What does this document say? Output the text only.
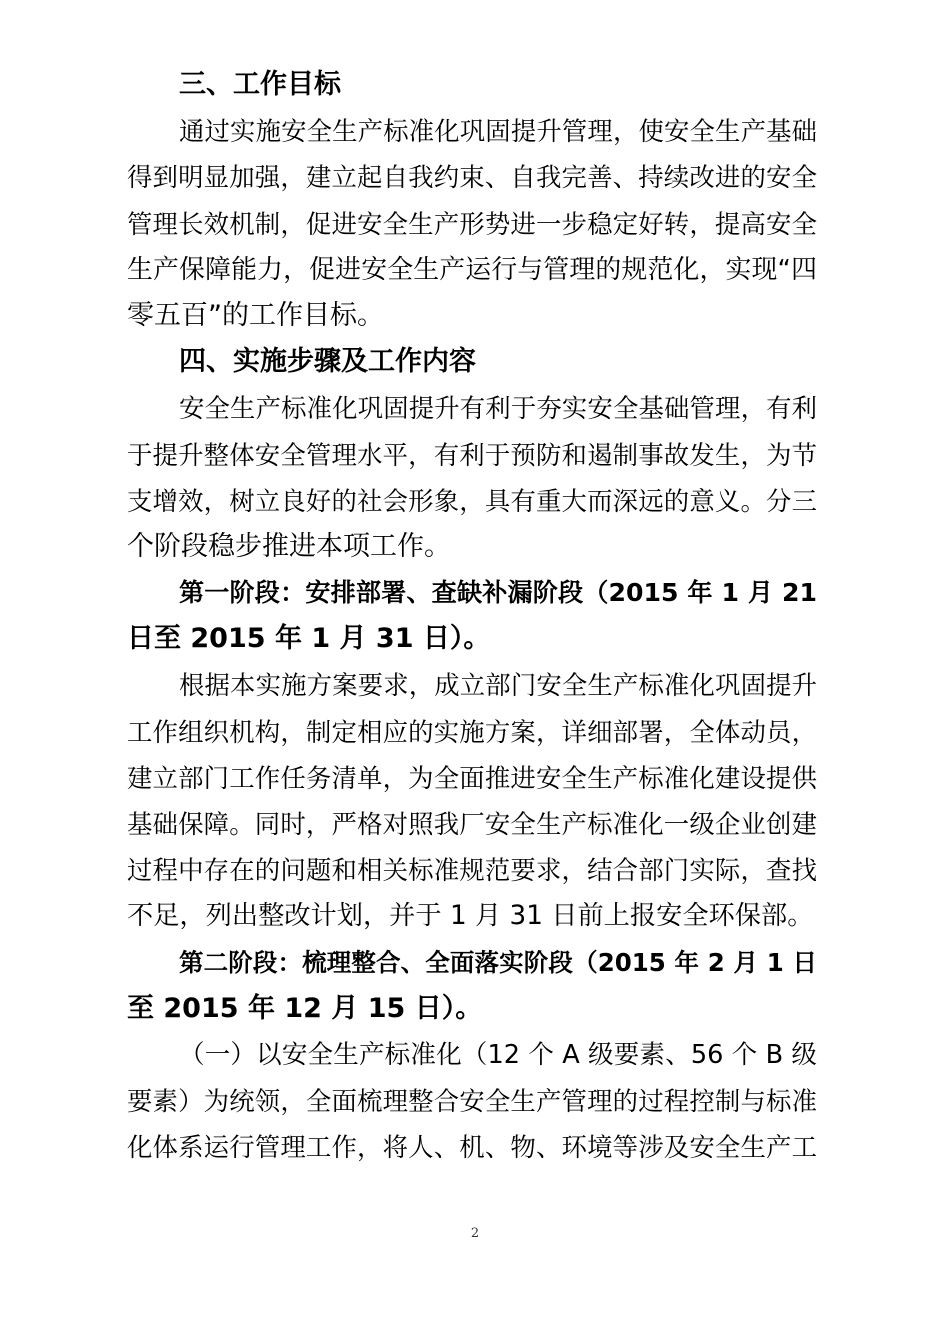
三、工作目标
通过实施安全生产标准化巩固提升管理，使安全生产基础
得到明显加强，建立起自我约束、自我完善、持续改进的安全
管理长效机制，促进安全生产形势进一步稳定好转，提高安全
生产保障能力，促进安全生产运行与管理的规范化，实现“四
零五百”的工作目标。
四、实施步骤及工作内容
安全生产标准化巩固提升有利于夯实安全基础管理，有利
于提升整体安全管理水平，有利于预防和遏制事故发生，为节
支增效，树立良好的社会形象，具有重大而深远的意义。分三
个阶段稳步推进本项工作。
第一阶段：安排部署、查缺补漏阶段（2015 年 1 月 21
日至 2015 年 1 月 31 日）。
根据本实施方案要求，成立部门安全生产标准化巩固提升
工作组织机构，制定相应的实施方案，详细部署，全体动员，
建立部门工作任务清单，为全面推进安全生产标准化建设提供
基础保障。同时，严格对照我厂安全生产标准化一级企业创建
过程中存在的问题和相关标准规范要求，结合部门实际，查找
不足，列出整改计划，并于 1 月 31 日前上报安全环保部。
第二阶段：梳理整合、全面落实阶段（2015 年 2 月 1 日
至 2015 年 12 月 15 日）。
（一）以安全生产标准化（12 个 A 级要素、56 个 B 级
要素）为统领，全面梳理整合安全生产管理的过程控制与标准
化体系运行管理工作，将人、机、物、环境等涉及安全生产工
2
